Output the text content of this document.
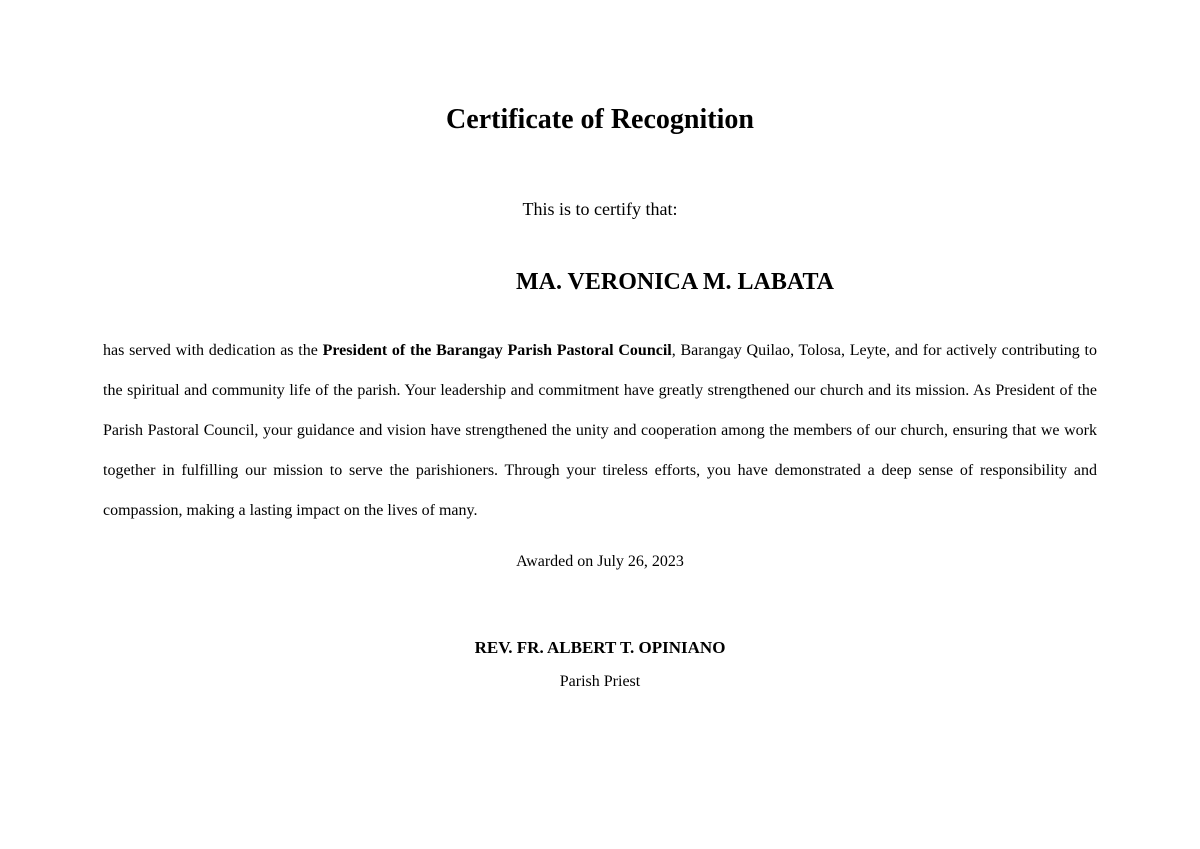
Certificate of Recognition
This is to certify that:
MA. VERONICA M. LABATA

has served with dedication as the President of the Barangay Parish Pastoral Council, Barangay Quilao, Tolosa, Leyte, and for actively contributing to the spiritual and community life of the parish. Your leadership and commitment have greatly strengthened our church and its mission. As President of the Parish Pastoral Council, your guidance and vision have strengthened the unity and cooperation among the members of our church, ensuring that we work together in fulfilling our mission to serve the parishioners. Through your tireless efforts, you have demonstrated a deep sense of responsibility and compassion, making a lasting impact on the lives of many.

Awarded on July 26, 2023
REV. FR. ALBERT T. OPINIANO
Parish Priest
